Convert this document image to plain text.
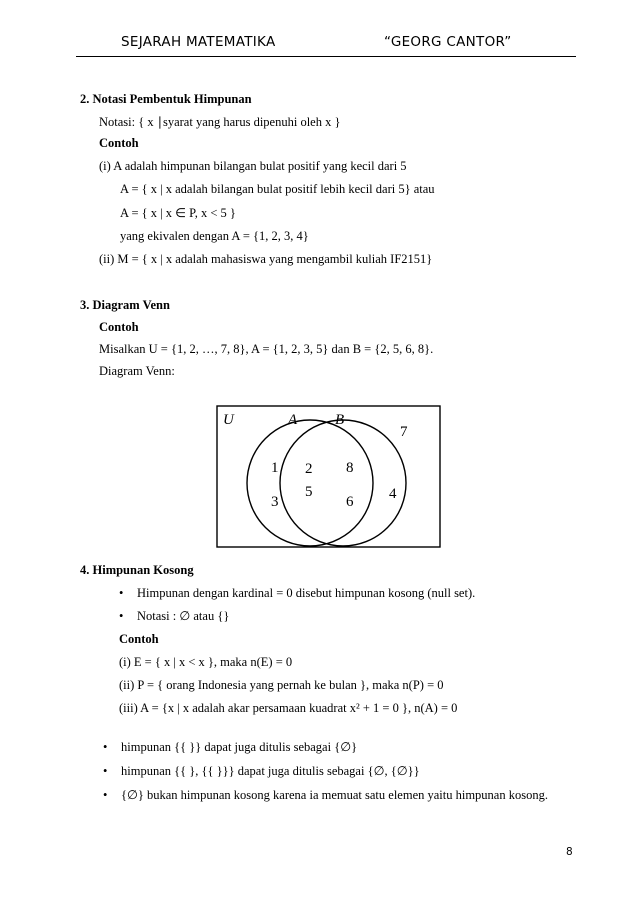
SEJARAH MATEMATIKA	“GEORG CANTOR”
2. Notasi Pembentuk Himpunan
Notasi: { x ∣syarat yang harus dipenuhi oleh x }
Contoh
(i) A adalah himpunan bilangan bulat positif yang kecil dari 5
A = { x | x adalah bilangan bulat positif lebih kecil dari 5} atau
A = { x | x ∈ P, x < 5 }
yang ekivalen dengan A = {1, 2, 3, 4}
(ii) M = { x | x adalah mahasiswa yang mengambil kuliah IF2151}
3. Diagram Venn
Contoh
Misalkan U = {1, 2, …, 7, 8}, A = {1, 2, 3, 5} dan B = {2, 5, 6, 8}.
Diagram Venn:
U	A	B
7
1 2 8
5	4
3	6
4. Himpunan Kosong
• Himpunan dengan kardinal = 0 disebut himpunan kosong (null set).
• Notasi : ∅ atau {}
Contoh
(i) E = { x | x < x }, maka n(E) = 0
(ii) P = { orang Indonesia yang pernah ke bulan }, maka n(P) = 0
(iii) A = {x | x adalah akar persamaan kuadrat x² + 1 = 0 }, n(A) = 0
• himpunan {{ }} dapat juga ditulis sebagai {∅}
• himpunan {{ }, {{ }}} dapat juga ditulis sebagai {∅, {∅}}
• {∅} bukan himpunan kosong karena ia memuat satu elemen yaitu himpunan kosong.
8
